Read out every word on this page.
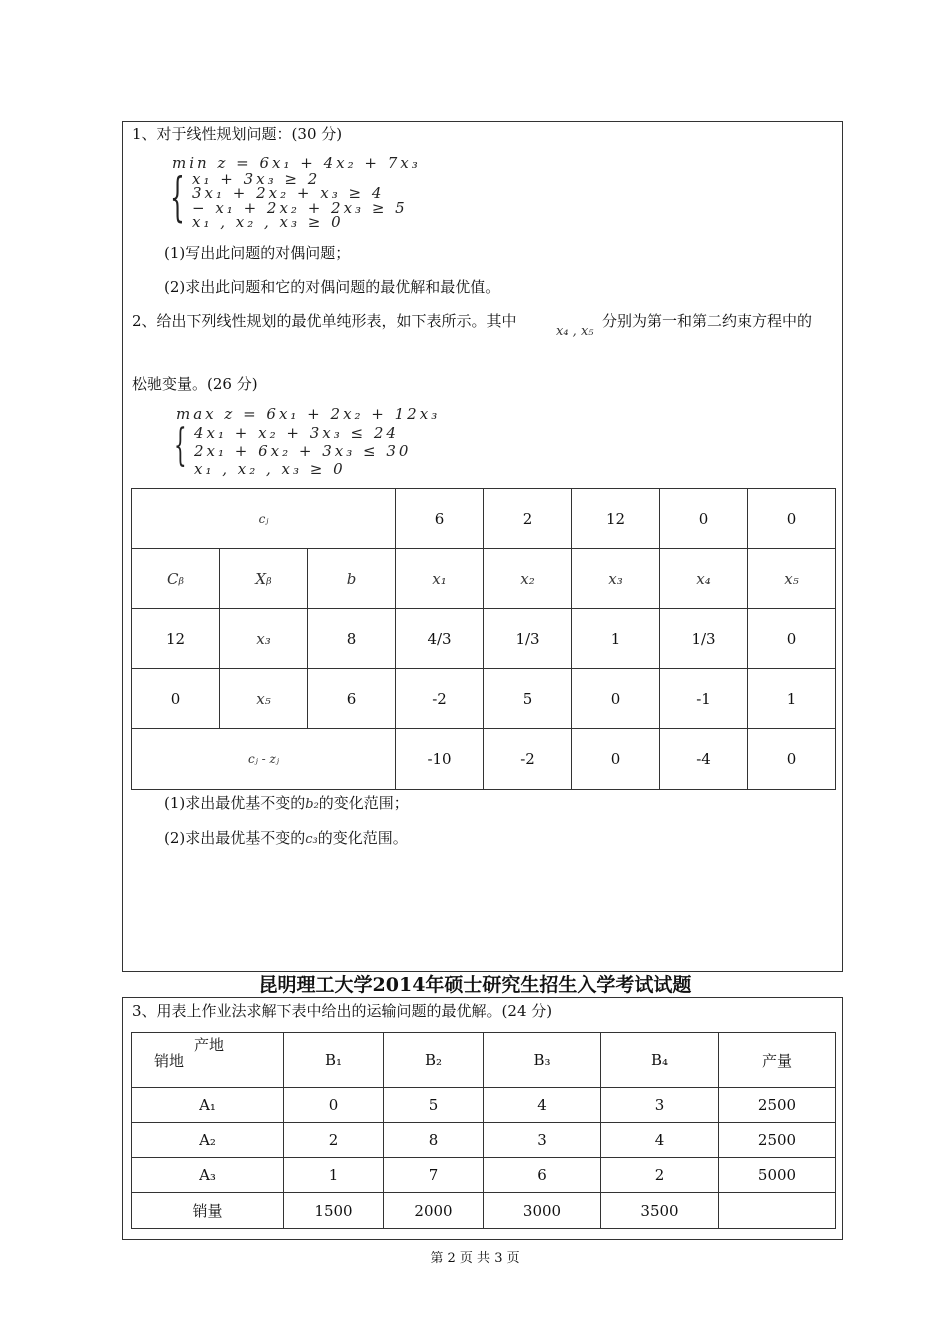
1、对于线性规划问题：(30 分)
min z = 6x₁ + 4x₂ + 7x₃
{ x₁ + 3x₃ ≥ 2
3x₁ + 2x₂ + x₃ ≥ 4
− x₁ + 2x₂ + 2x₃ ≥ 5
x₁ , x₂ , x₃ ≥ 0
(1)写出此问题的对偶问题；
(2)求出此问题和它的对偶问题的最优解和最优值。
2、给出下列线性规划的最优单纯形表，如下表所示。其中
x₄ , x₅
分别为第一和第二约束方程中的
松驰变量。(26 分)
max z = 6x₁ + 2x₂ + 12x₃
{ 4x₁ + x₂ + 3x₃ ≤ 24
2x₁ + 6x₂ + 3x₃ ≤ 30
x₁ , x₂ , x₃ ≥ 0
cⱼ			6	2	12	0	0
Cᵦ	Xᵦ	b	x₁	x₂	x₃	x₄	x₅
12	x₃	8	4/3	1/3	1	1/3	0
0	x₅	6	-2	5	0	-1	1
cⱼ - zⱼ			-10	-2	0	-4	0
(1)求出最优基不变的b₂的变化范围；
(2)求出最优基不变的c₃的变化范围。
昆明理工大学2014年硕士研究生招生入学考试试题
3、用表上作业法求解下表中给出的运输问题的最优解。(24 分)
产地
销地	B₁	B₂	B₃	B₄	产量
A₁	0	5	4	3	2500
A₂	2	8	3	4	2500
A₃	1	7	6	2	5000
销量	1500	2000	3000	3500	
第 2 页 共 3 页
